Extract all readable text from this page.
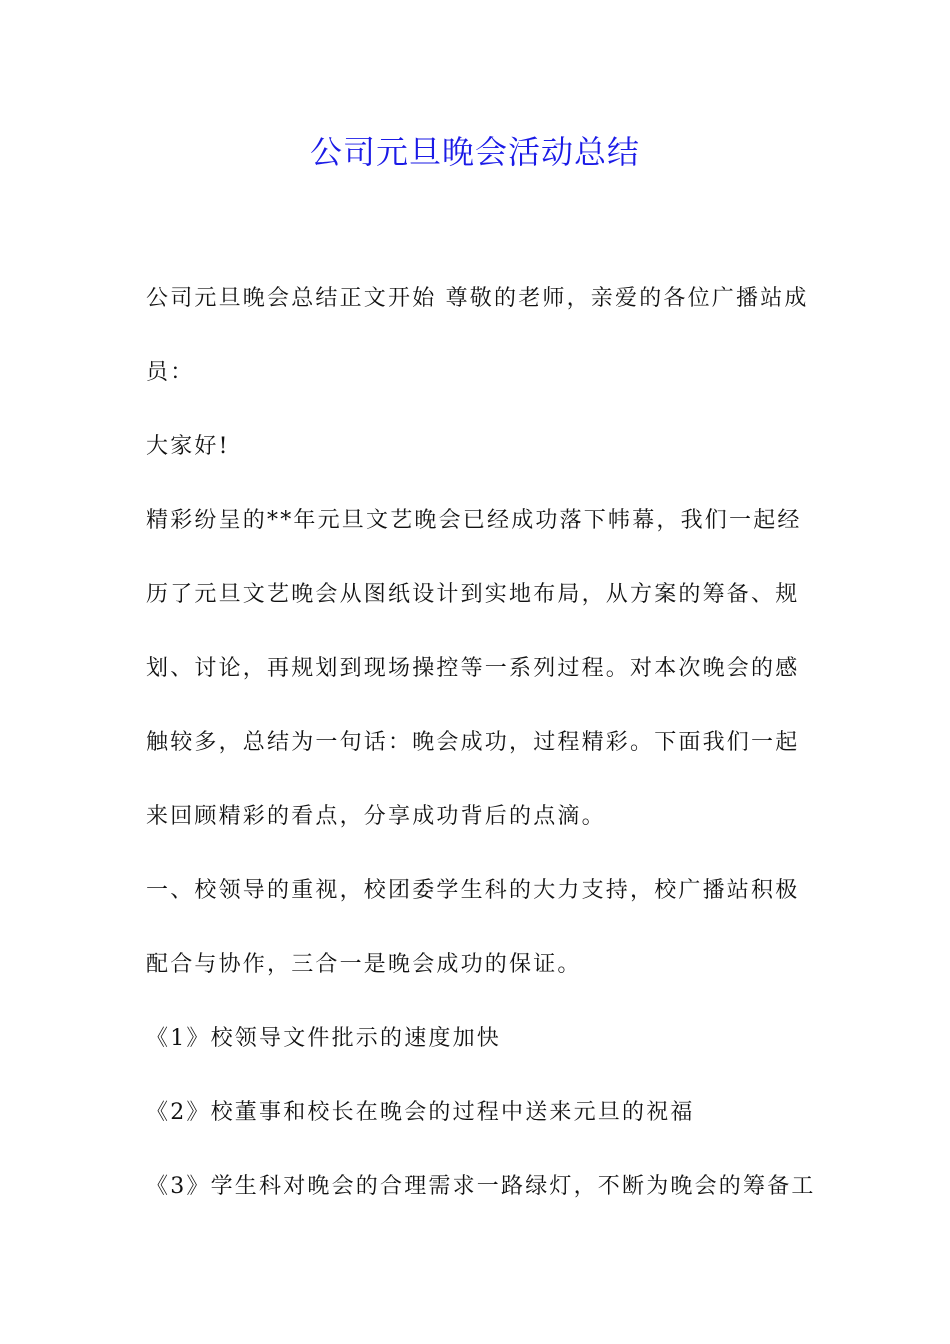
公司元旦晚会活动总结
公司元旦晚会总结正文开始 尊敬的老师，亲爱的各位广播站成
员：
大家好!
精彩纷呈的**年元旦文艺晚会已经成功落下帏幕，我们一起经
历了元旦文艺晚会从图纸设计到实地布局，从方案的筹备、规
划、讨论，再规划到现场操控等一系列过程。对本次晚会的感
触较多，总结为一句话：晚会成功，过程精彩。下面我们一起
来回顾精彩的看点，分享成功背后的点滴。
一、校领导的重视，校团委学生科的大力支持，校广播站积极
配合与协作，三合一是晚会成功的保证。
《1》校领导文件批示的速度加快
《2》校董事和校长在晚会的过程中送来元旦的祝福
《3》学生科对晚会的合理需求一路绿灯，不断为晚会的筹备工
